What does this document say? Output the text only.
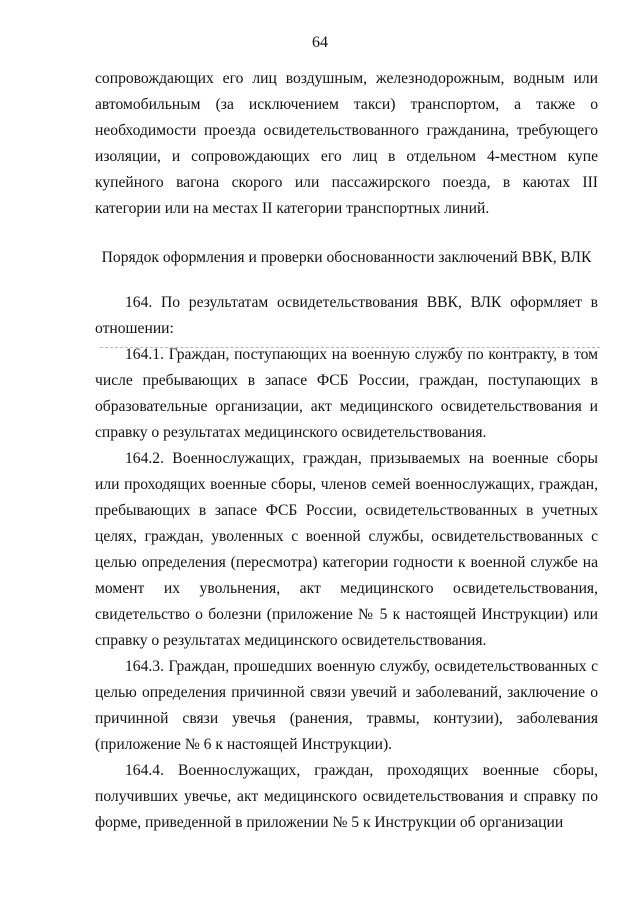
64

сопровождающих его лиц воздушным, железнодорожным, водным или автомобильным (за исключением такси) транспортом, а также о необходимости проезда освидетельствованного гражданина, требующего изоляции, и сопровождающих его лиц в отдельном 4-местном купе купейного вагона скорого или пассажирского поезда, в каютах III категории или на местах II категории транспортных линий.

Порядок оформления и проверки обоснованности заключений ВВК, ВЛК

164. По результатам освидетельствования ВВК, ВЛК оформляет в отношении:

164.1. Граждан, поступающих на военную службу по контракту, в том числе пребывающих в запасе ФСБ России, граждан, поступающих в образовательные организации, акт медицинского освидетельствования и справку о результатах медицинского освидетельствования.

164.2. Военнослужащих, граждан, призываемых на военные сборы или проходящих военные сборы, членов семей военнослужащих, граждан, пребывающих в запасе ФСБ России, освидетельствованных в учетных целях, граждан, уволенных с военной службы, освидетельствованных с целью определения (пересмотра) категории годности к военной службе на момент их увольнения, акт медицинского освидетельствования, свидетельство о болезни (приложение № 5 к настоящей Инструкции) или справку о результатах медицинского освидетельствования.

164.3. Граждан, прошедших военную службу, освидетельствованных с целью определения причинной связи увечий и заболеваний, заключение о причинной связи увечья (ранения, травмы, контузии), заболевания (приложение № 6 к настоящей Инструкции).

164.4. Военнослужащих, граждан, проходящих военные сборы, получивших увечье, акт медицинского освидетельствования и справку по форме, приведенной в приложении № 5 к Инструкции об организации
